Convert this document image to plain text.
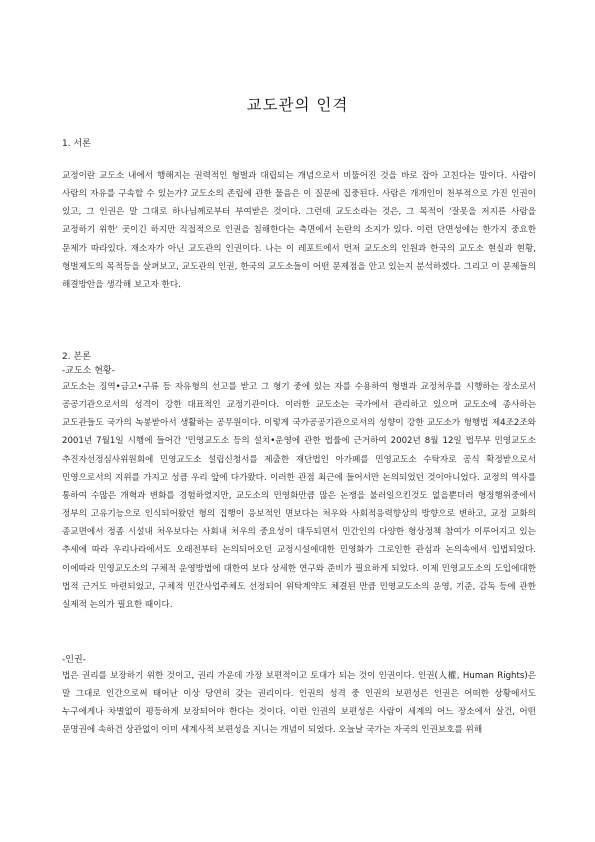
교도관의 인격
1. 서론
교정이란 교도소 내에서 행해지는 권력적인 형벌과 대립되는 개념으로서 비뚤어진 것을 바로 잡아 고친다는 말이다. 사람이 사람의 자유를 구속할 수 있는가? 교도소의 존립에 관한 물음은 이 질문에 집중된다. 사람은 개개인이 천부적으로 가진 인권이 있고, 그 인권은 말 그대로 하나님께로부터 부여받은 것이다. 그런데 교도소라는 것은, 그 목적이 '잘못을 저지른 사람을 교정하기 위한' 곳이긴 하지만 직접적으로 인권을 침해한다는 측면에서 논란의 소지가 있다. 이런 단면성에는 한가지 중요한 문제가 따라있다. 재소자가 아닌 교도관의 인권이다. 나는 이 레포트에서 먼저 교도소의 인원과 한국의 교도소 현실과 현황, 형벌제도의 목적등을 살펴보고, 교도관의 인권, 한국의 교도소들이 어떤 문제점을 안고 있는지 분석하겠다. 그리고 이 문제들의 해결방안을 생각해 보고자 한다.
2. 본론
-교도소 현황-
교도소는 징역•금고•구류 등 자유형의 선고를 받고 그 형기 중에 있는 자를 수용하여 형벌과 교정처우를 시행하는 장소로서 공공기관으로서의 성격이 강한 대표적인 교정기관이다. 이러한 교도소는 국가에서 관리하고 있으며 교도소에 종사하는 교도관들도 국가의 녹봉받아서 생활하는 공무원이다. 이렇게 국가공공기관으로서의 성향이 강한 교도소가 형행법 제4조2조와 2001년 7월1일 시행에 들어간 '민영교도소 등의 설치•운영에 관한 법률에 근거하여 2002년 8월 12일 법무부 민영교도소 추진자선정심사위원회에 민영교도소 설립신청서를 제출한 재단법인 아가페를 민영교도소 수탁자로 공식 확정받으로서 민영으로서의 지위를 가지고 성큼 우리 앞에 다가왔다. 이러한 관점 최근에 들어서만 논의되었던 것이아니었다. 교정의 역사를 통하여 수많은 개혁과 변화를 경험하였지만, 교도소의 민영화만큼 많은 논쟁을 불러일으킨것도 없을뿐더러 형정행위중에서 정부의 고유기능으로 인식되어왔던 형의 집행이 응보적인 면보다는 처우와 사회적응력향상의 방향으로 변하고, 교정 교화의 종교면에서 정좀 시설내 처우보다는 사회내 처우의 중요성이 대두되면서 민간인의 다양한 형상정책 참여가 이루어지고 있는 추세에 따라 우리나라에서도 오래전부터 논의되어오던 교정시설에대한 민영화가 그로인한 관심과 논의속에서 입법되었다. 이에따라 민영교도소의 구체적 운영방법에 대한여 보다 상세한 연구와 준비가 필요하게 되었다. 이제 민영교도소의 도입에대한 법적 근거도 마련되었고, 구체적 민간사업주체도 선정되어 위탁계약도 체결된 만큼 민영교도소의 운영, 기준, 감독 등에 관한 실제적 논의가 필요한 때이다.
-인권-
법은 권리를 보장하기 위한 것이고, 권리 가운데 가장 보편적이고 토대가 되는 것이 인권이다. 인권(人權, Human Rights)은 말 그대로 인간으로써 태어난 이상 당연히 갖는 권리이다. 인권의 성격 중 인권의 보편성은 인권은 어떠한 상황에서도 누구에게나 차별없이 평등하게 보장되어야 한다는 것이다. 이런 인권의 보편성은 사람이 세계의 어느 장소에서 살건, 어떤 문명권에 속하건 상관없이 이미 세계사적 보편성을 지니는 개념이 되었다. 오늘날 국가는 자국의 인권보호를 위해
